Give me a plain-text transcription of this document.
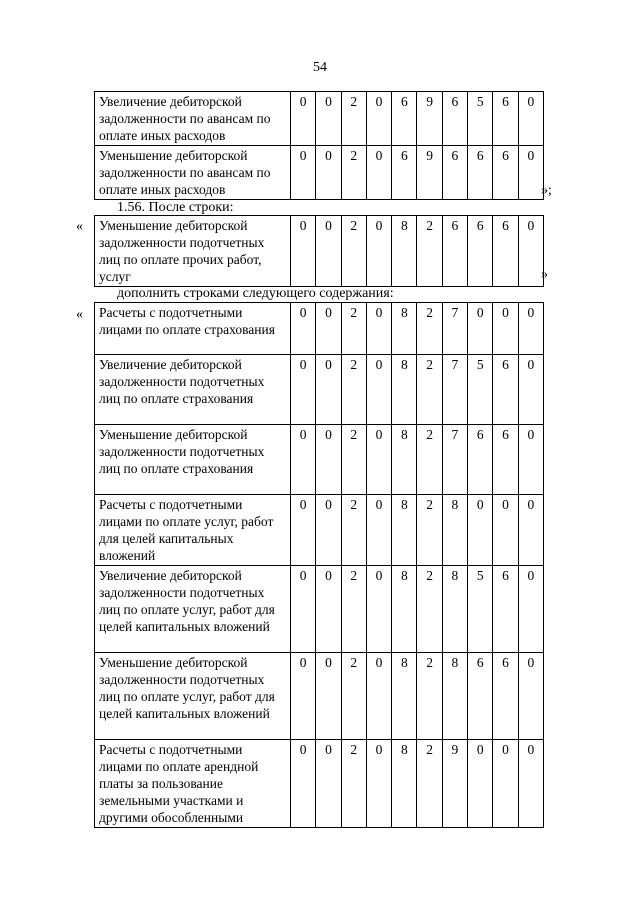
54
Увеличение дебиторской задолженности по авансам по оплате иных расходов	0	0	2	0	6	9	6	5	6	0
Уменьшение дебиторской задолженности по авансам по оплате иных расходов	0	0	2	0	6	9	6	6	6	0
»;
1.56. После строки:
« Уменьшение дебиторской задолженности подотчетных лиц по оплате прочих работ, услуг	0	0	2	0	8	2	6	6	6	0
»
дополнить строками следующего содержания:
« Расчеты с подотчетными лицами по оплате страхования	0	0	2	0	8	2	7	0	0	0
Увеличение дебиторской задолженности подотчетных лиц по оплате страхования	0	0	2	0	8	2	7	5	6	0
Уменьшение дебиторской задолженности подотчетных лиц по оплате страхования	0	0	2	0	8	2	7	6	6	0
Расчеты с подотчетными лицами по оплате услуг, работ для целей капитальных вложений	0	0	2	0	8	2	8	0	0	0
Увеличение дебиторской задолженности подотчетных лиц по оплате услуг, работ для целей капитальных вложений	0	0	2	0	8	2	8	5	6	0
Уменьшение дебиторской задолженности подотчетных лиц по оплате услуг, работ для целей капитальных вложений	0	0	2	0	8	2	8	6	6	0
Расчеты с подотчетными лицами по оплате арендной платы за пользование земельными участками и другими обособленными	0	0	2	0	8	2	9	0	0	0
